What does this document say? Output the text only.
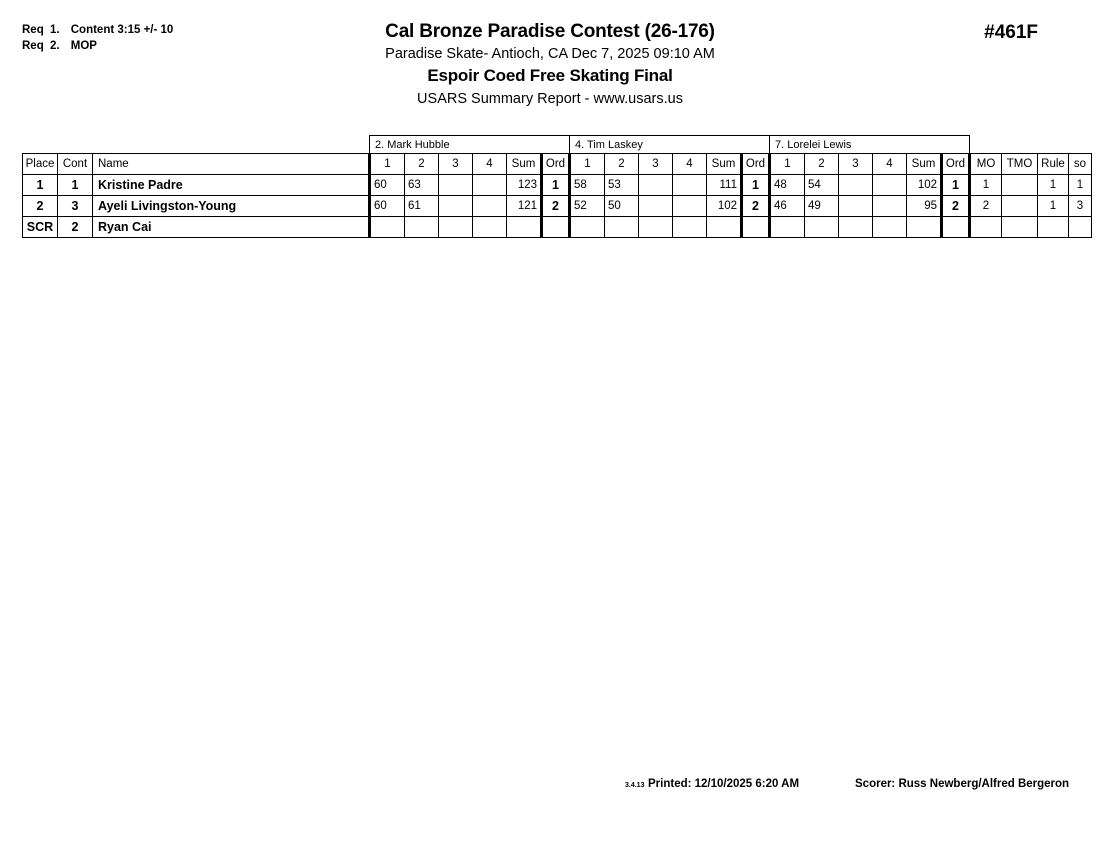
Req 1. Content 3:15 +/- 10
Req 2. MOP
Cal Bronze Paradise Contest (26-176)
Paradise Skate- Antioch, CA Dec 7, 2025 09:10 AM
Espoir Coed Free Skating Final
USARS Summary Report - www.usars.us
#461F
			2. Mark Hubble						4. Tim Laskey						7. Lorelei Lewis									
Place	Cont	Name	1	2	3	4	Sum	Ord	1	2	3	4	Sum	Ord	1	2	3	4	Sum	Ord	MO	TMO	Rule	so
1	1	Kristine Padre	60	63			123	1	58	53			111	1	48	54			102	1	1		1	1
2	3	Ayeli Livingston-Young	60	61			121	2	52	50			102	2	46	49			95	2	2		1	3
SCR	2	Ryan Cai																						
3.4.13 Printed: 12/10/2025 6:20 AM	Scorer: Russ Newberg/Alfred Bergeron
